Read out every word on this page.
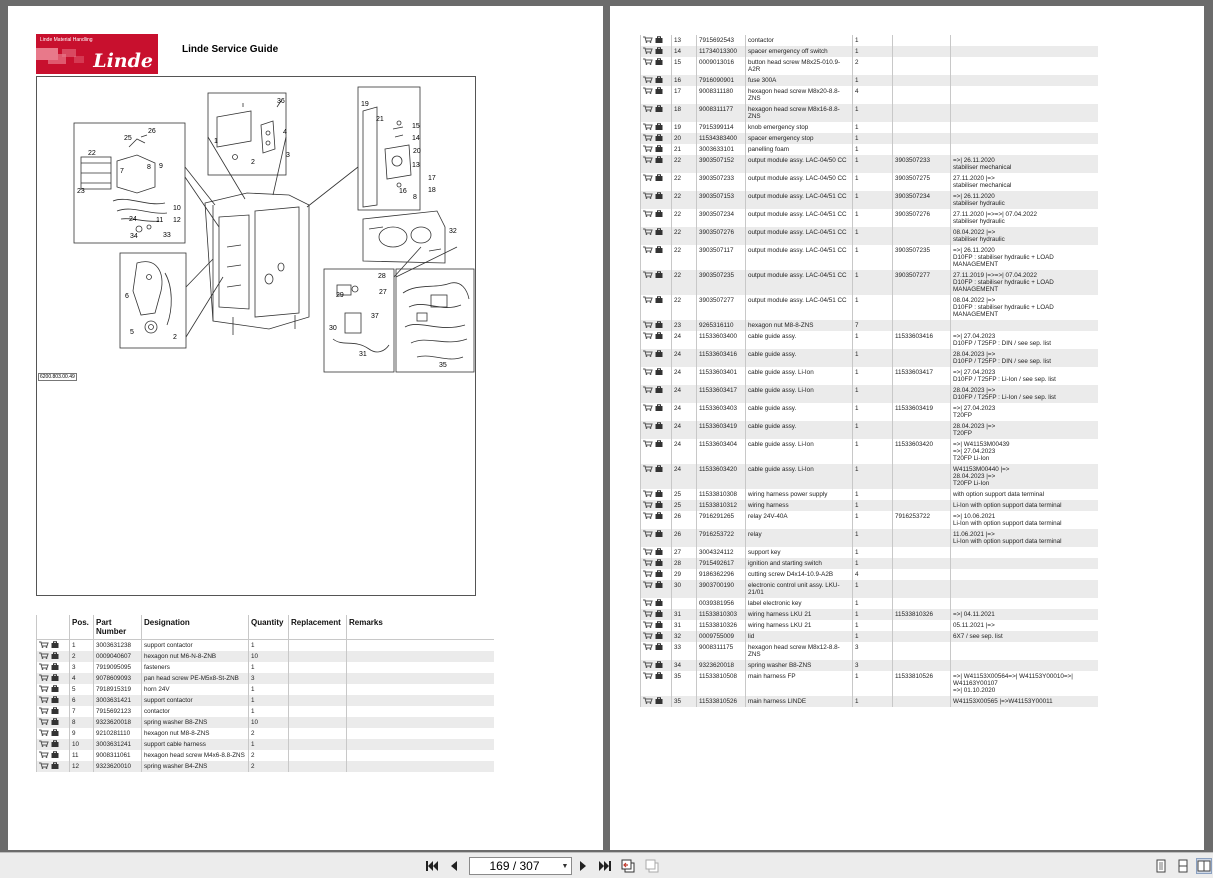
Linde Material Handling
Linde
Linde Service Guide
25
26
22
7
8 9
23
10
24	11 12
34	33
36
4
1
3
2
19
21
15
14
20
13
17
16	18
8
32
6
5
2
28
29	27
37
30
31
35
6200.803.00.49
	Pos.	Part Number	Designation	Quantity	Replacement	Remarks
	1	3003631238	support contactor	1		
	2	0009040607	hexagon nut M6-N-8-ZNB	10		
	3	7919095095	fasteners	1		
	4	9078609093	pan head screw PE-M5x8-St-ZNB	3		
	5	7918915319	horn 24V	1		
	6	3003631421	support contactor	1		
	7	7915692123	contactor	1		
	8	9323620018	spring washer B8-ZNS	10		
	9	9210281110	hexagon nut M8-8-ZNS	2		
	10	3003631241	support cable harness	1		
	11	9008311061	hexagon head screw M4x6-8.8-ZNS	2		
	12	9323620010	spring washer B4-ZNS	2		
	13	7915692543	contactor	1		
	14	11734013300	spacer emergency off switch	1		
	15	0009013016	button head screw M8x25-010.9-A2R	2		
	16	7916090901	fuse 300A	1		
	17	9008311180	hexagon head screw M8x20-8.8-ZNS	4		
	18	9008311177	hexagon head screw M8x16-8.8-ZNS	1		
	19	7915399114	knob emergency stop	1		
	20	11534383400	spacer emergency stop	1		
	21	3003633101	panelling foam	1		
	22	3903507152	output module assy. LAC-04/50 CC	1	3903507233	=>| 26.11.2020
stabiliser mechanical
	22	3903507233	output module assy. LAC-04/50 CC	1	3903507275	27.11.2020 |=>
stabiliser mechanical
	22	3903507153	output module assy. LAC-04/51 CC	1	3903507234	=>| 26.11.2020
stabiliser hydraulic
	22	3903507234	output module assy. LAC-04/51 CC	1	3903507276	27.11.2020 |=>=>| 07.04.2022
stabiliser hydraulic
	22	3903507276	output module assy. LAC-04/51 CC	1		08.04.2022 |=>
stabiliser hydraulic
	22	3903507117	output module assy. LAC-04/51 CC	1	3903507235	=>| 26.11.2020
D10FP : stabiliser hydraulic + LOAD MANAGEMENT
	22	3903507235	output module assy. LAC-04/51 CC	1	3903507277	27.11.2019 |=>=>| 07.04.2022
D10FP : stabiliser hydraulic + LOAD MANAGEMENT
	22	3903507277	output module assy. LAC-04/51 CC	1		08.04.2022 |=>
D10FP : stabiliser hydraulic + LOAD MANAGEMENT
	23	9265316110	hexagon nut M8-8-ZNS	7		
	24	11533603400	cable guide assy.	1	11533603416	=>| 27.04.2023
D10FP / T25FP : DIN / see sep. list
	24	11533603416	cable guide assy.	1		28.04.2023 |=>
D10FP / T25FP : DIN / see sep. list
	24	11533603401	cable guide assy. Li-Ion	1	11533603417	=>| 27.04.2023
D10FP / T25FP : Li-Ion / see sep. list
	24	11533603417	cable guide assy. Li-Ion	1		28.04.2023 |=>
D10FP / T25FP : Li-Ion / see sep. list
	24	11533603403	cable guide assy.	1	11533603419	=>| 27.04.2023
T20FP
	24	11533603419	cable guide assy.	1		28.04.2023 |=>
T20FP
	24	11533603404	cable guide assy. Li-Ion	1	11533603420	=>| W41153M00439
=>| 27.04.2023
T20FP Li-Ion
	24	11533603420	cable guide assy. Li-Ion	1		W41153M00440 |=>
28.04.2023 |=>
T20FP Li-Ion
	25	11533810308	wiring harness power supply	1		with option support data terminal
	25	11533810312	wiring harness	1		Li-Ion with option support data terminal
	26	7916291265	relay 24V-40A	1	7916253722	=>| 10.06.2021
Li-Ion with option support data terminal
	26	7916253722	relay	1		11.06.2021 |=>
Li-Ion with option support data terminal
	27	3004324112	support key	1		
	28	7915492617	ignition and starting switch	1		
	29	9186362296	cutting screw D4x14-10.9-A2B	4		
	30	3903700190	electronic control unit assy. LKU-21/01	1		
		0039381956	label electronic key	1		
	31	11533810303	wiring harness LKU 21	1	11533810326	=>| 04.11.2021
	31	11533810326	wiring harness LKU 21	1		05.11.2021 |=>
	32	0009755009	lid	1		6X7 / see sep. list
	33	9008311175	hexagon head screw M8x12-8.8-ZNS	3		
	34	9323620018	spring washer B8-ZNS	3		
	35	11533810508	main harness FP	1	11533810526	=>| W41153X00564=>| W41153Y00010=>| W41163Y00107
=>| 01.10.2020
	35	11533810526	main harness LINDE	1		W41153X00565 |=>W41153Y00011
169 / 307	▼
